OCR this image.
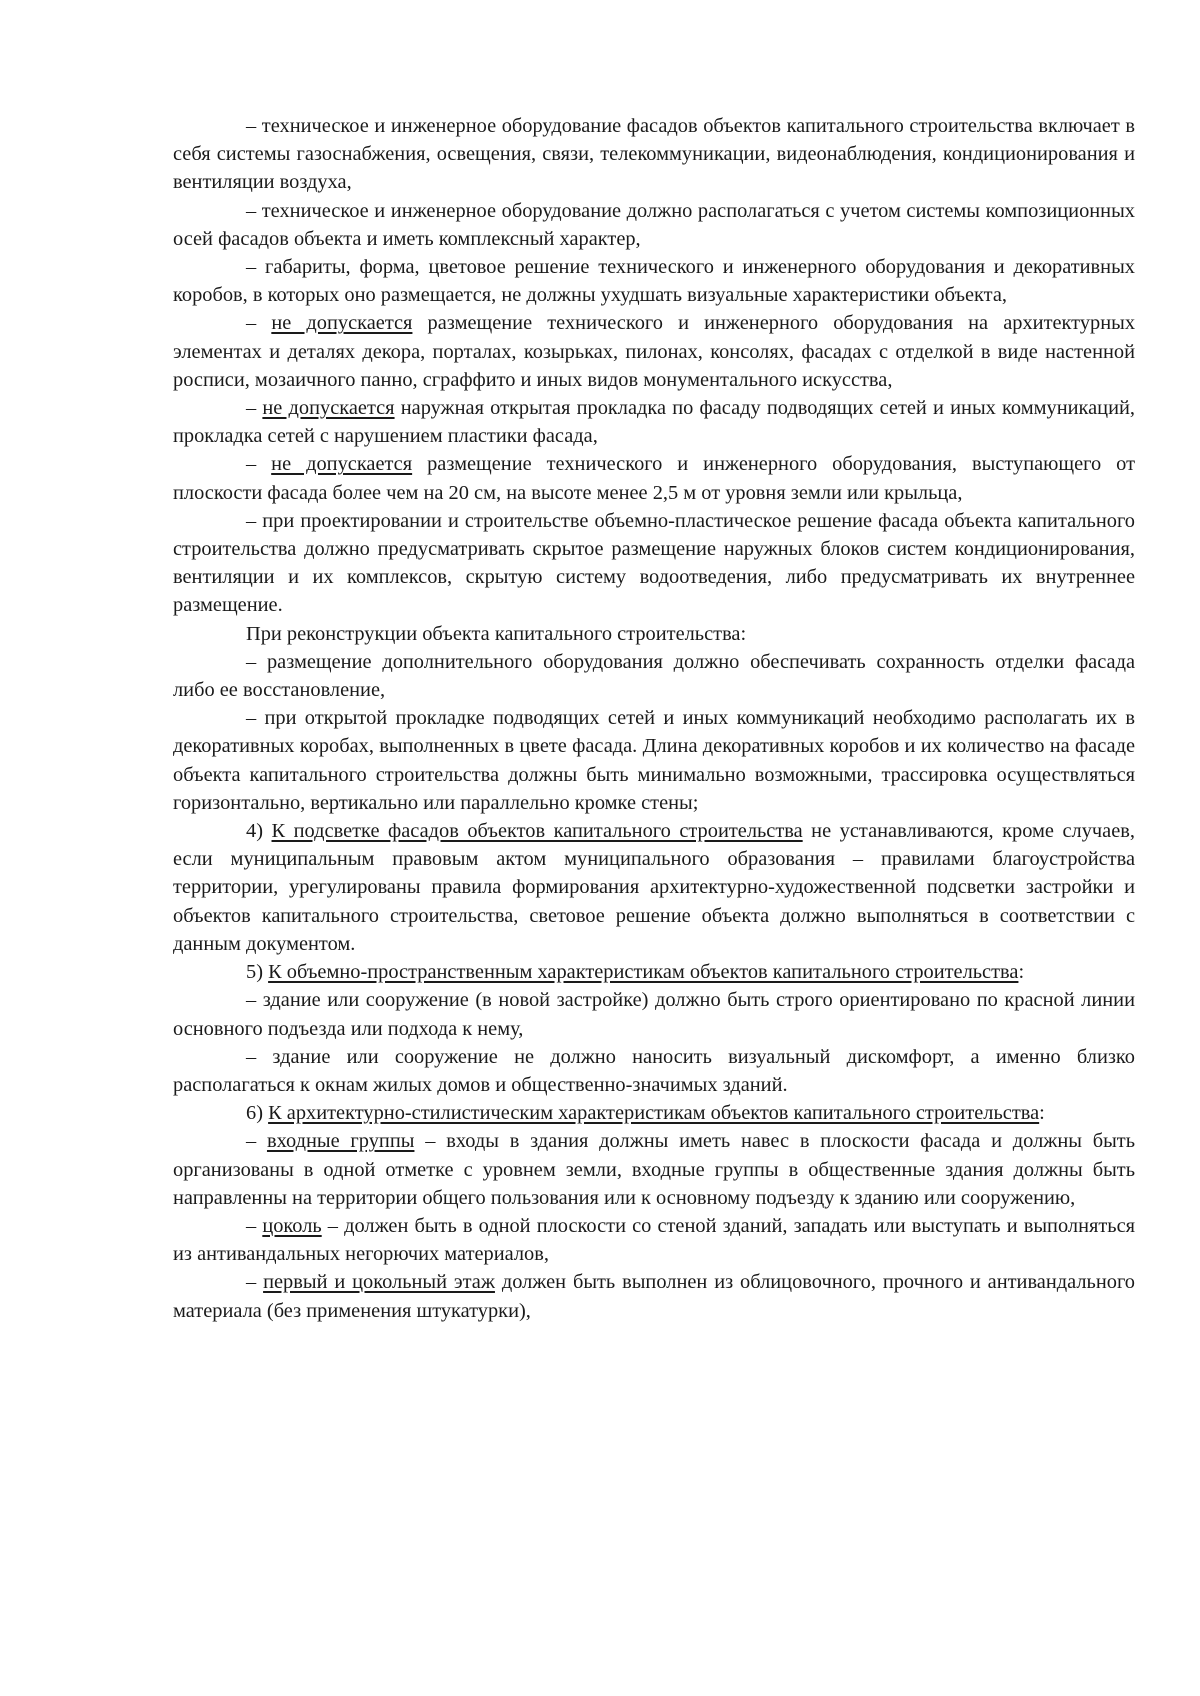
– техническое и инженерное оборудование фасадов объектов капитального строительства включает в себя системы газоснабжения, освещения, связи, телекоммуникации, видеонаблюдения, кондиционирования и вентиляции воздуха,

– техническое и инженерное оборудование должно располагаться с учетом системы композиционных осей фасадов объекта и иметь комплексный характер,

– габариты, форма, цветовое решение технического и инженерного оборудования и декоративных коробов, в которых оно размещается, не должны ухудшать визуальные характеристики объекта,

– не допускается размещение технического и инженерного оборудования на архитектурных элементах и деталях декора, порталах, козырьках, пилонах, консолях, фасадах с отделкой в виде настенной росписи, мозаичного панно, сграффито и иных видов монументального искусства,

– не допускается наружная открытая прокладка по фасаду подводящих сетей и иных коммуникаций, прокладка сетей с нарушением пластики фасада,

– не допускается размещение технического и инженерного оборудования, выступающего от плоскости фасада более чем на 20 см, на высоте менее 2,5 м от уровня земли или крыльца,

– при проектировании и строительстве объемно-пластическое решение фасада объекта капитального строительства должно предусматривать скрытое размещение наружных блоков систем кондиционирования, вентиляции и их комплексов, скрытую систему водоотведения, либо предусматривать их внутреннее размещение.

При реконструкции объекта капитального строительства:

– размещение дополнительного оборудования должно обеспечивать сохранность отделки фасада либо ее восстановление,

– при открытой прокладке подводящих сетей и иных коммуникаций необходимо располагать их в декоративных коробах, выполненных в цвете фасада. Длина декоративных коробов и их количество на фасаде объекта капитального строительства должны быть минимально возможными, трассировка осуществляться горизонтально, вертикально или параллельно кромке стены;

4) К подсветке фасадов объектов капитального строительства не устанавливаются, кроме случаев, если муниципальным правовым актом муниципального образования – правилами благоустройства территории, урегулированы правила формирования архитектурно-художественной подсветки застройки и объектов капитального строительства, световое решение объекта должно выполняться в соответствии с данным документом.

5) К объемно-пространственным характеристикам объектов капитального строительства:

– здание или сооружение (в новой застройке) должно быть строго ориентировано по красной линии основного подъезда или подхода к нему,

– здание или сооружение не должно наносить визуальный дискомфорт, а именно близко располагаться к окнам жилых домов и общественно-значимых зданий.

6) К архитектурно-стилистическим характеристикам объектов капитального строительства:

– входные группы – входы в здания должны иметь навес в плоскости фасада и должны быть организованы в одной отметке с уровнем земли, входные группы в общественные здания должны быть направленны на территории общего пользования или к основному подъезду к зданию или сооружению,

– цоколь – должен быть в одной плоскости со стеной зданий, западать или выступать и выполняться из антивандальных негорючих материалов,

– первый и цокольный этаж должен быть выполнен из облицовочного, прочного и антивандального материала (без применения штукатурки),
